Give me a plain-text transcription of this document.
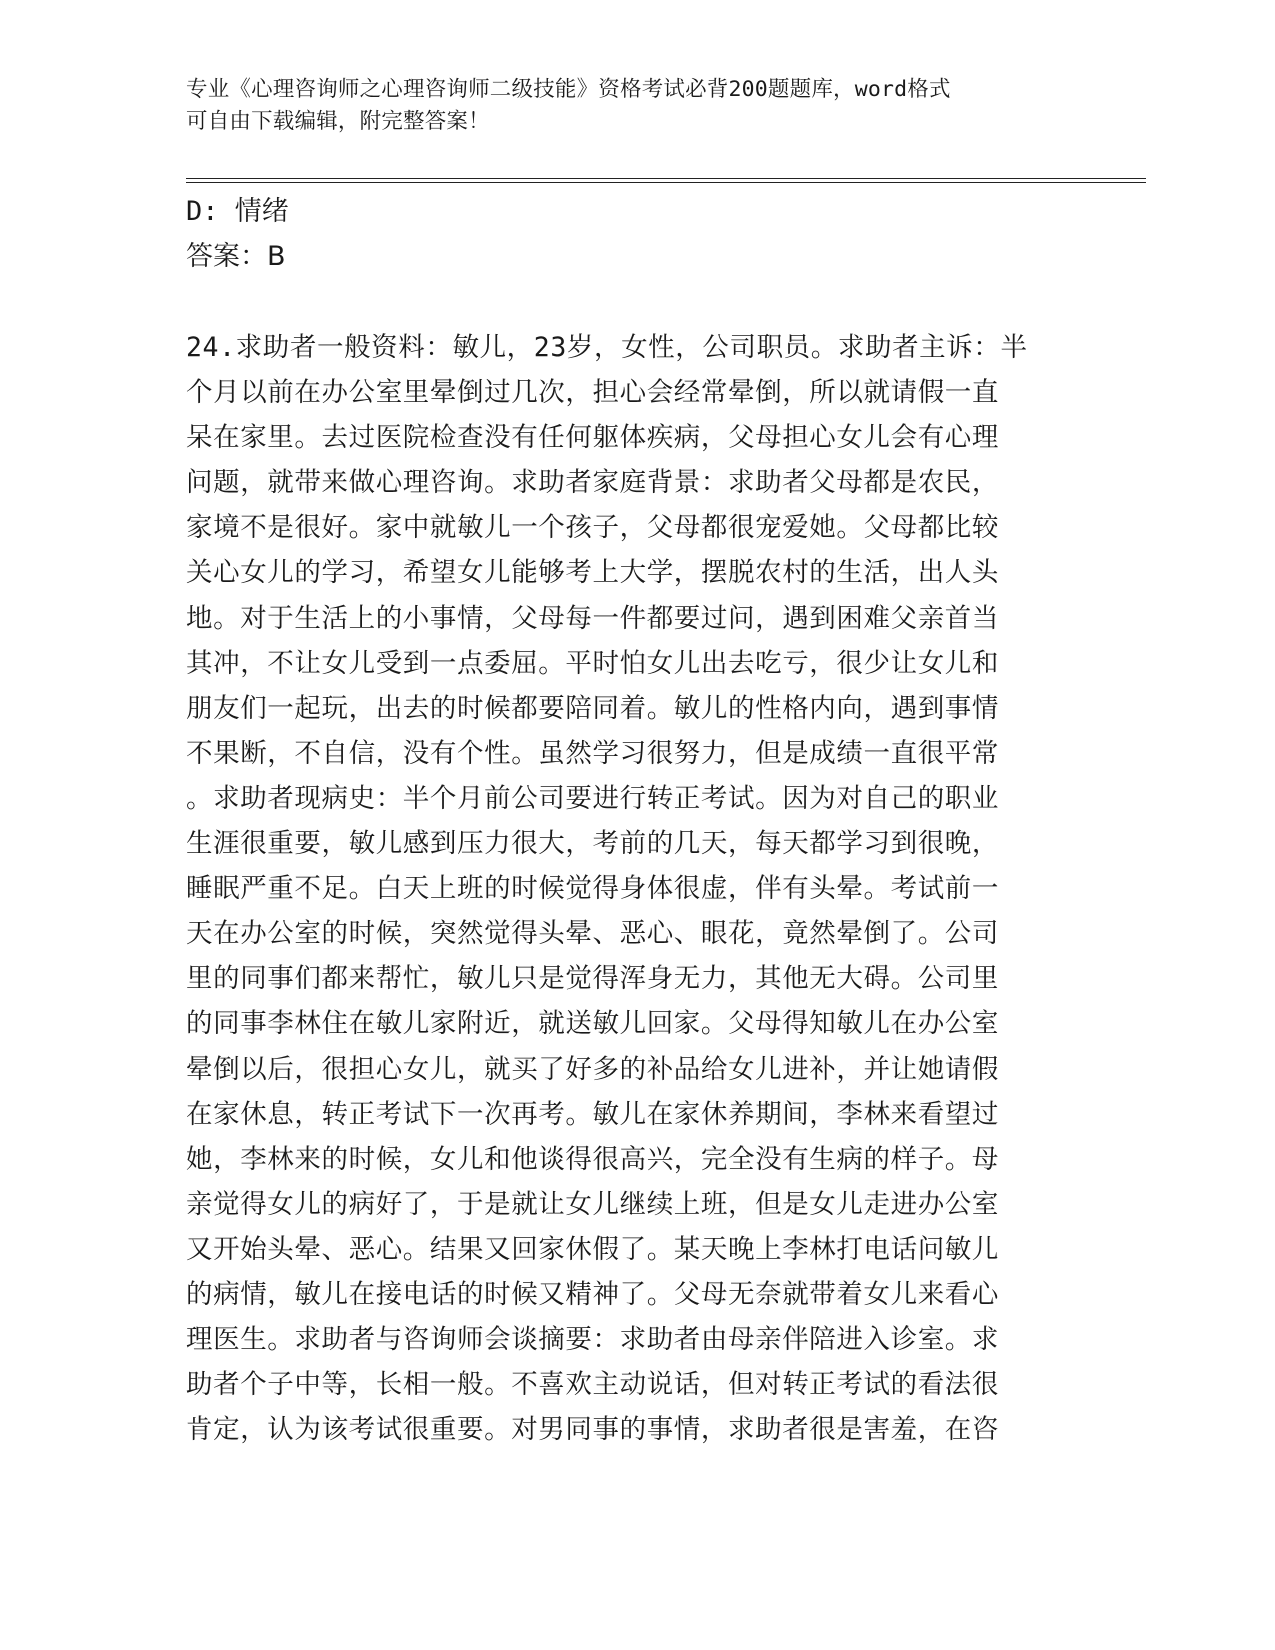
专业《心理咨询师之心理咨询师二级技能》资格考试必背200题题库，word格式
可自由下载编辑，附完整答案！
D: 情绪
答案：B
24.求助者一般资料：敏儿，23岁，女性，公司职员。求助者主诉：半
个月以前在办公室里晕倒过几次，担心会经常晕倒，所以就请假一直
呆在家里。去过医院检查没有任何躯体疾病，父母担心女儿会有心理
问题，就带来做心理咨询。求助者家庭背景：求助者父母都是农民，
家境不是很好。家中就敏儿一个孩子，父母都很宠爱她。父母都比较
关心女儿的学习，希望女儿能够考上大学，摆脱农村的生活，出人头
地。对于生活上的小事情，父母每一件都要过问，遇到困难父亲首当
其冲，不让女儿受到一点委屈。平时怕女儿出去吃亏，很少让女儿和
朋友们一起玩，出去的时候都要陪同着。敏儿的性格内向，遇到事情
不果断，不自信，没有个性。虽然学习很努力，但是成绩一直很平常
。求助者现病史：半个月前公司要进行转正考试。因为对自己的职业
生涯很重要，敏儿感到压力很大，考前的几天，每天都学习到很晚，
睡眠严重不足。白天上班的时候觉得身体很虚，伴有头晕。考试前一
天在办公室的时候，突然觉得头晕、恶心、眼花，竟然晕倒了。公司
里的同事们都来帮忙，敏儿只是觉得浑身无力，其他无大碍。公司里
的同事李林住在敏儿家附近，就送敏儿回家。父母得知敏儿在办公室
晕倒以后，很担心女儿，就买了好多的补品给女儿进补，并让她请假
在家休息，转正考试下一次再考。敏儿在家休养期间，李林来看望过
她，李林来的时候，女儿和他谈得很高兴，完全没有生病的样子。母
亲觉得女儿的病好了，于是就让女儿继续上班，但是女儿走进办公室
又开始头晕、恶心。结果又回家休假了。某天晚上李林打电话问敏儿
的病情，敏儿在接电话的时候又精神了。父母无奈就带着女儿来看心
理医生。求助者与咨询师会谈摘要：求助者由母亲伴陪进入诊室。求
助者个子中等，长相一般。不喜欢主动说话，但对转正考试的看法很
肯定，认为该考试很重要。对男同事的事情，求助者很是害羞，在咨
